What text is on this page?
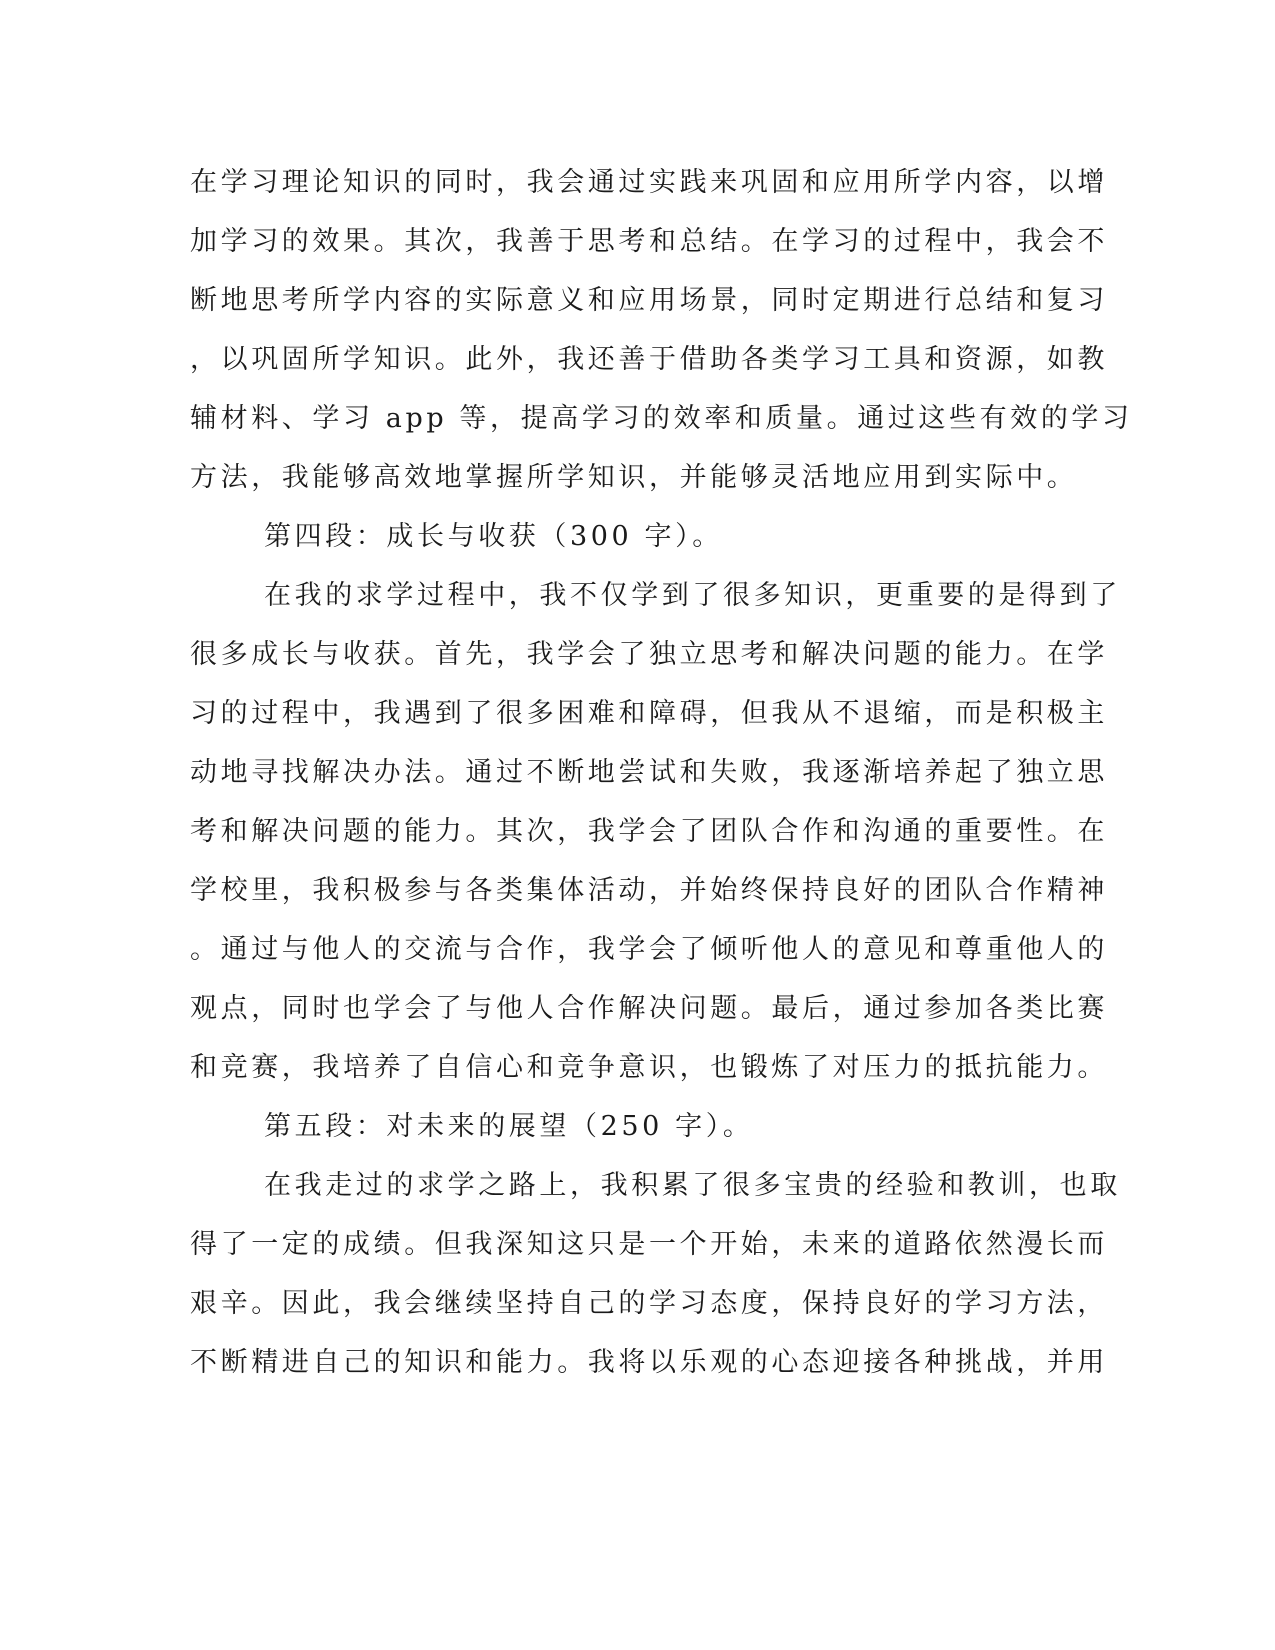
在学习理论知识的同时，我会通过实践来巩固和应用所学内容，以增
加学习的效果。其次，我善于思考和总结。在学习的过程中，我会不
断地思考所学内容的实际意义和应用场景，同时定期进行总结和复习
，以巩固所学知识。此外，我还善于借助各类学习工具和资源，如教
辅材料、学习 app 等，提高学习的效率和质量。通过这些有效的学习
方法，我能够高效地掌握所学知识，并能够灵活地应用到实际中。
第四段：成长与收获（300 字）。
在我的求学过程中，我不仅学到了很多知识，更重要的是得到了
很多成长与收获。首先，我学会了独立思考和解决问题的能力。在学
习的过程中，我遇到了很多困难和障碍，但我从不退缩，而是积极主
动地寻找解决办法。通过不断地尝试和失败，我逐渐培养起了独立思
考和解决问题的能力。其次，我学会了团队合作和沟通的重要性。在
学校里，我积极参与各类集体活动，并始终保持良好的团队合作精神
。通过与他人的交流与合作，我学会了倾听他人的意见和尊重他人的
观点，同时也学会了与他人合作解决问题。最后，通过参加各类比赛
和竞赛，我培养了自信心和竞争意识，也锻炼了对压力的抵抗能力。
第五段：对未来的展望（250 字）。
在我走过的求学之路上，我积累了很多宝贵的经验和教训，也取
得了一定的成绩。但我深知这只是一个开始，未来的道路依然漫长而
艰辛。因此，我会继续坚持自己的学习态度，保持良好的学习方法，
不断精进自己的知识和能力。我将以乐观的心态迎接各种挑战，并用
